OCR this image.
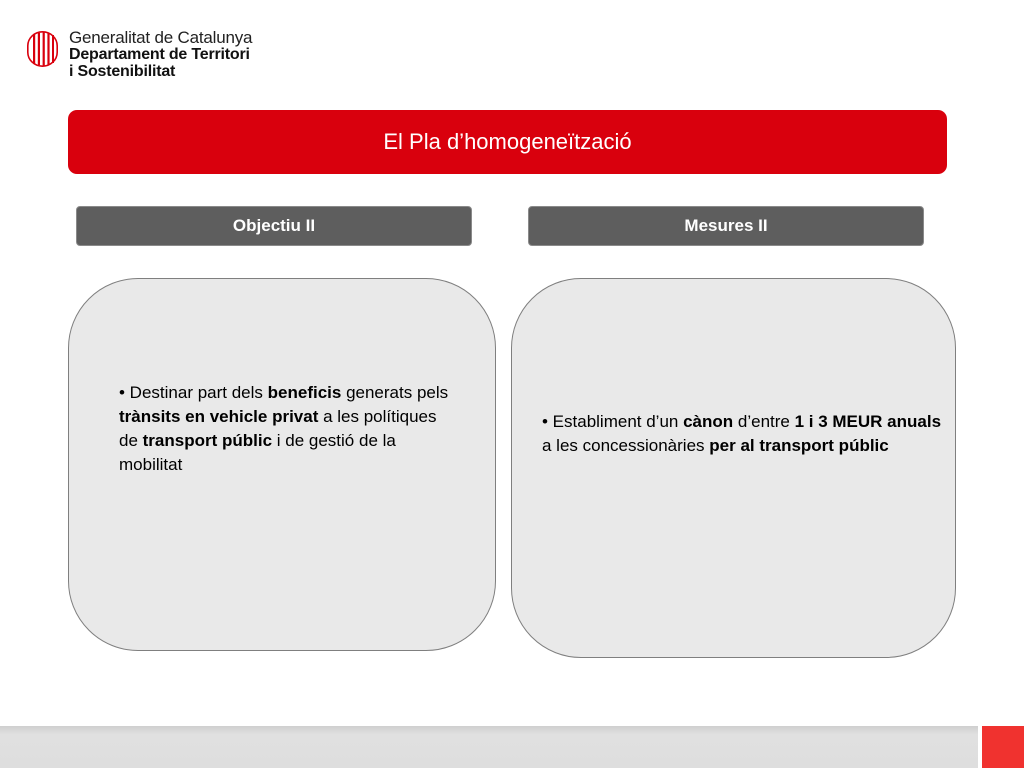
Generalitat de Catalunya
Departament de Territori
i Sostenibilitat
El Pla d’homogeneïtzació
Objectiu II	Mesures II
• Destinar part dels beneficis generats pels trànsits en vehicle privat a les polítiques de transport públic i de gestió de la mobilitat
• Establiment d’un cànon d’entre 1 i 3 MEUR anuals a les concessionàries per al transport públic
